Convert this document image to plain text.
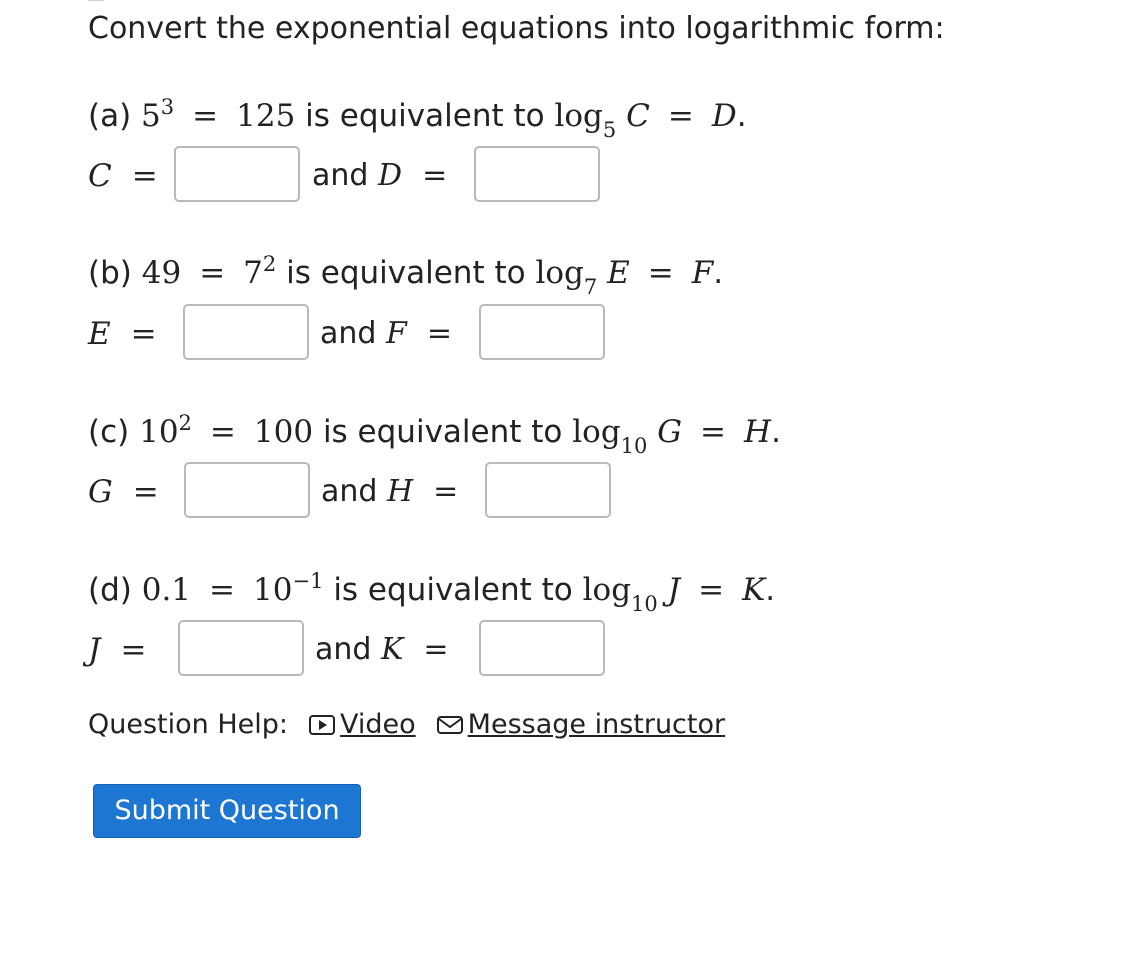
Convert the exponential equations into logarithmic form:
(a) $5^3 = 125$ is equivalent to $\log_5 C = D$.
C =	and D =
(b) $49 = 7^2$ is equivalent to $\log_7 E = F$.
E =	and F =
(c) $10^2 = 100$ is equivalent to $\log_{10} G = H$.
G =	and H =
(d) $0.1 = 10^{-1}$ is equivalent to $\log_{10} J = K$.
J =	and K =
Question Help: Video Message instructor
Submit Question
